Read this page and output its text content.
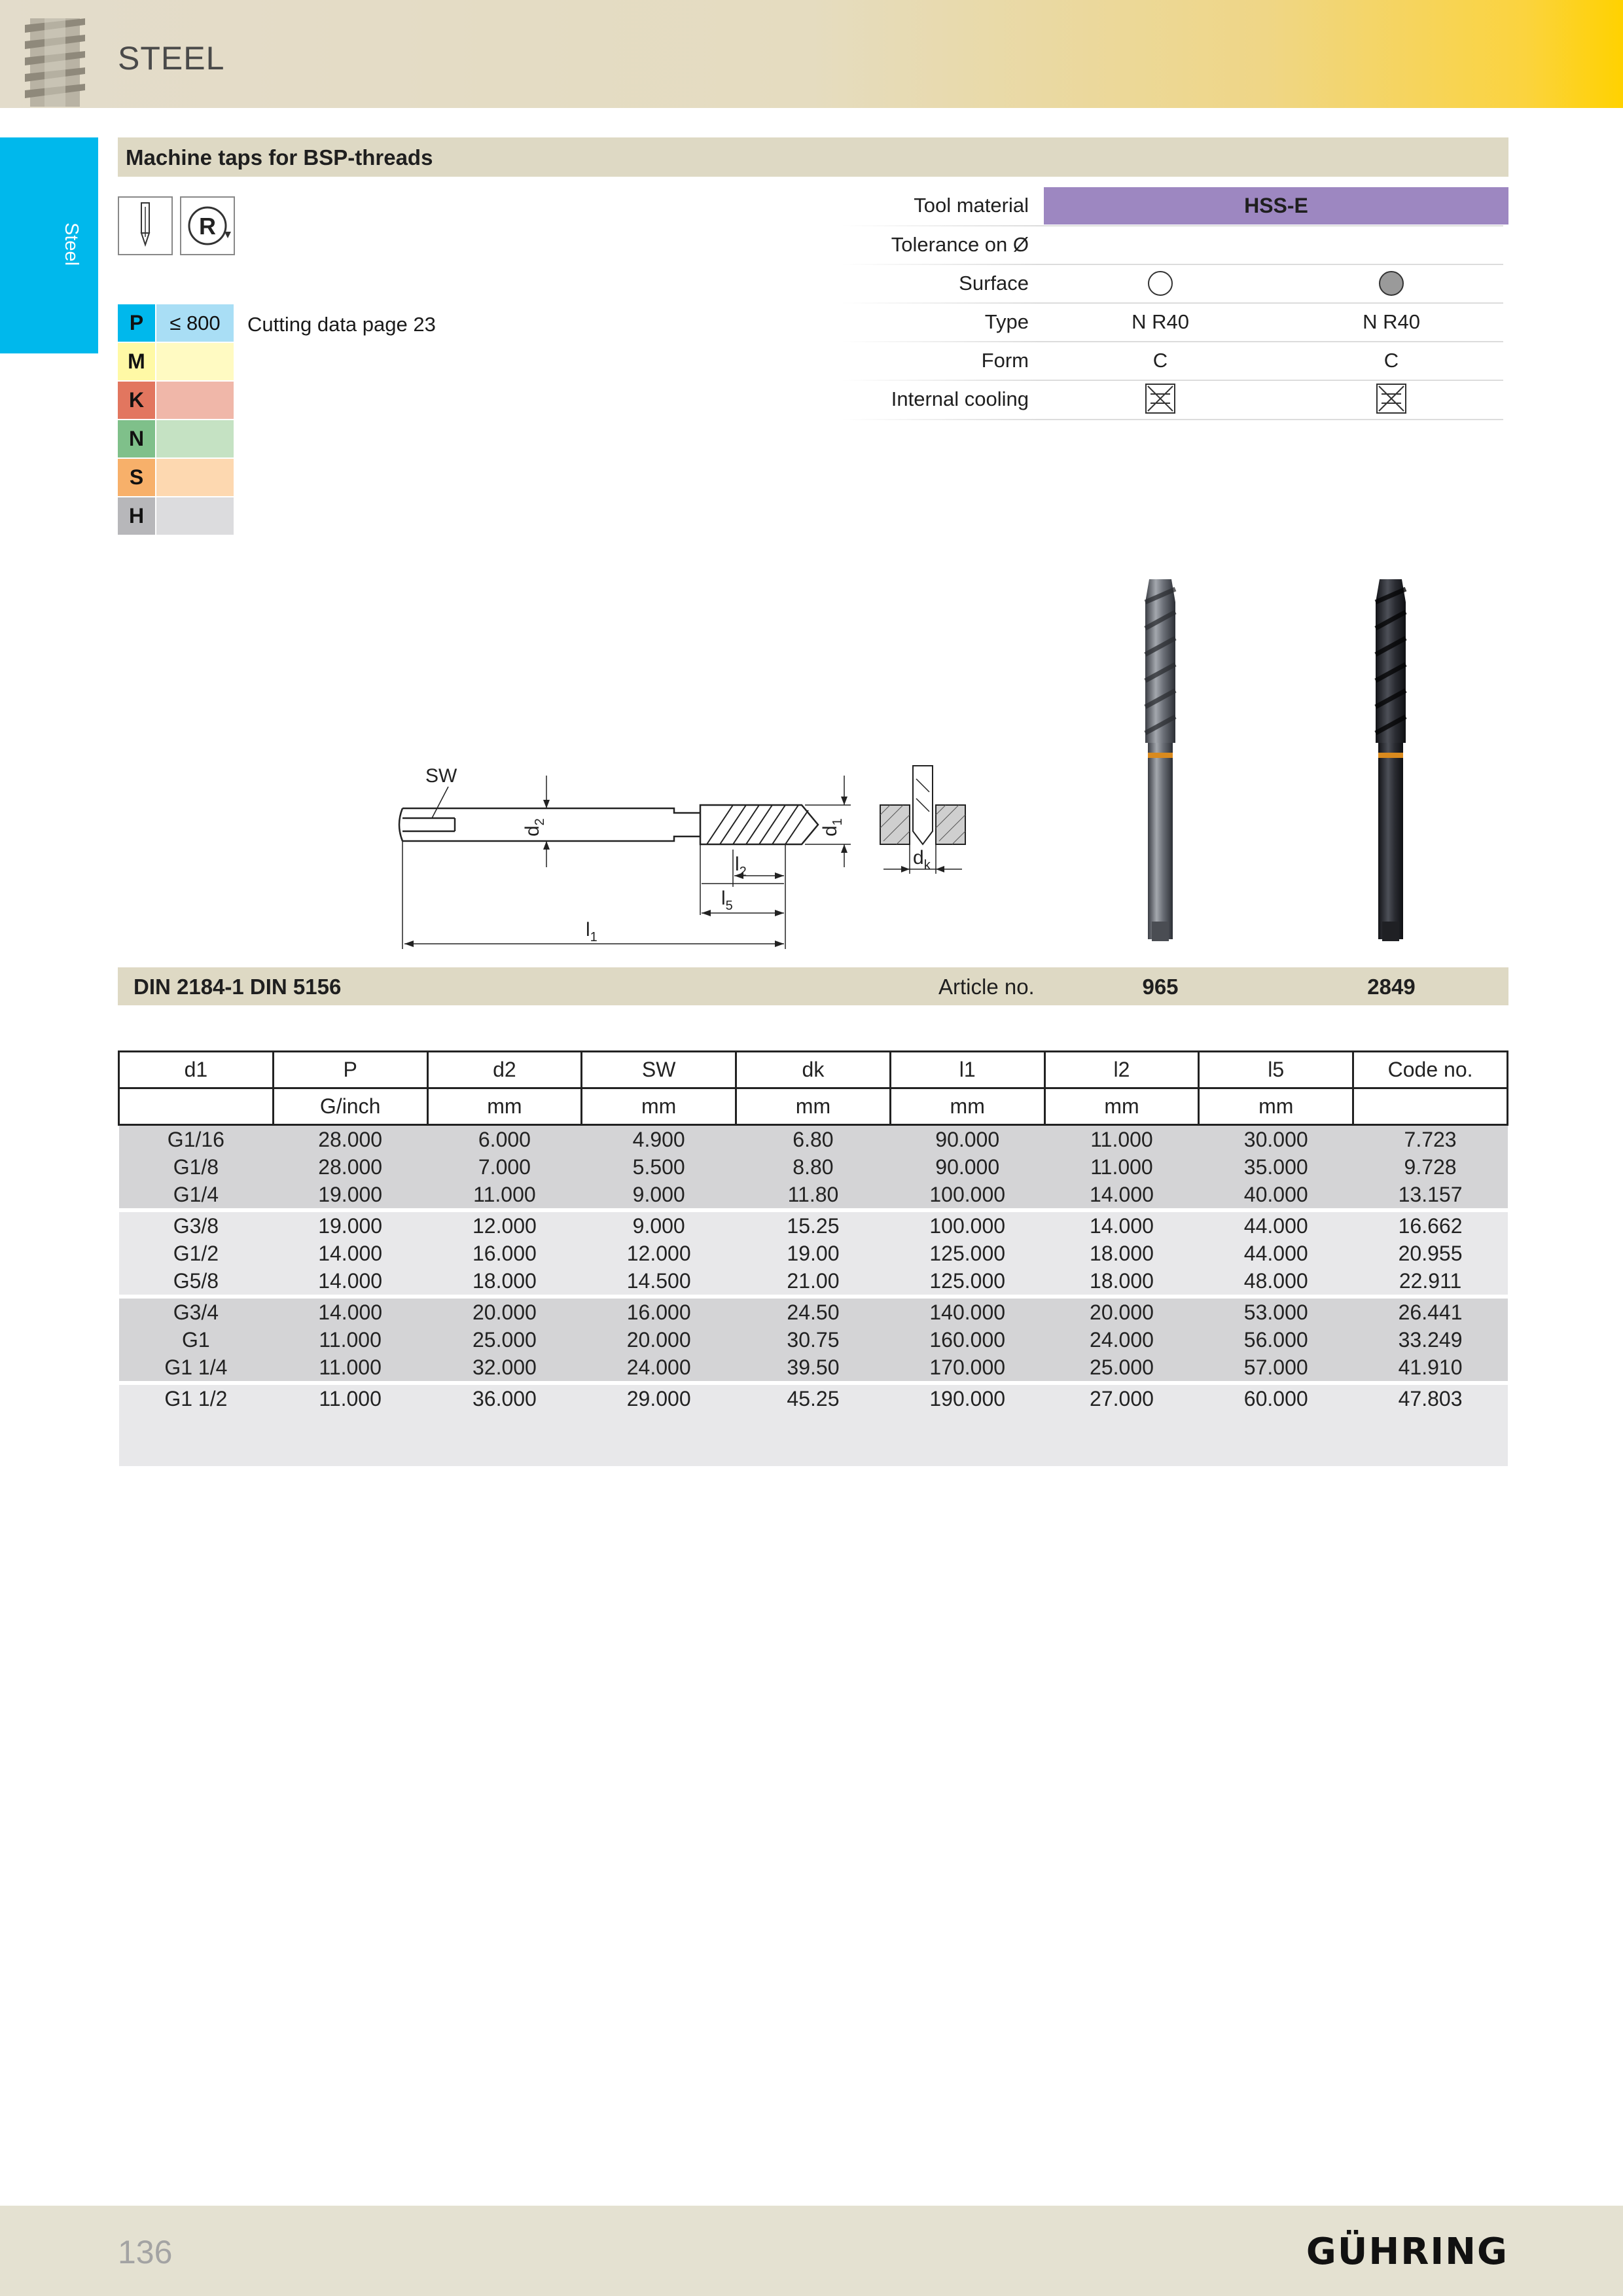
STEEL
Steel
Machine taps for BSP-threads
R
P	≤ 800
M
K
N
S
H
Cutting data page 23
Tool material	HSS-E
Tolerance on Ø
Surface
Type	N R40	N R40
Form	C	C
Internal cooling
SW
$d_2$
$d_1$
$l_2$
$l_5$
$l_1$
$d_k$
DIN 2184-1 DIN 5156	Article no.	965	2849
d1	P	d2	SW	dk	l1	l2	l5	Code no.
	G/inch	mm	mm	mm	mm	mm	mm	
G1/16	28.000	6.000	4.900	6.80	90.000	11.000	30.000	7.723
G1/8	28.000	7.000	5.500	8.80	90.000	11.000	35.000	9.728
G1/4	19.000	11.000	9.000	11.80	100.000	14.000	40.000	13.157

G3/8	19.000	12.000	9.000	15.25	100.000	14.000	44.000	16.662
G1/2	14.000	16.000	12.000	19.00	125.000	18.000	44.000	20.955
G5/8	14.000	18.000	14.500	21.00	125.000	18.000	48.000	22.911

G3/4	14.000	20.000	16.000	24.50	140.000	20.000	53.000	26.441
G1	11.000	25.000	20.000	30.75	160.000	24.000	56.000	33.249
G1 1/4	11.000	32.000	24.000	39.50	170.000	25.000	57.000	41.910

G1 1/2	11.000	36.000	29.000	45.25	190.000	27.000	60.000	47.803

136	GÜHRING
